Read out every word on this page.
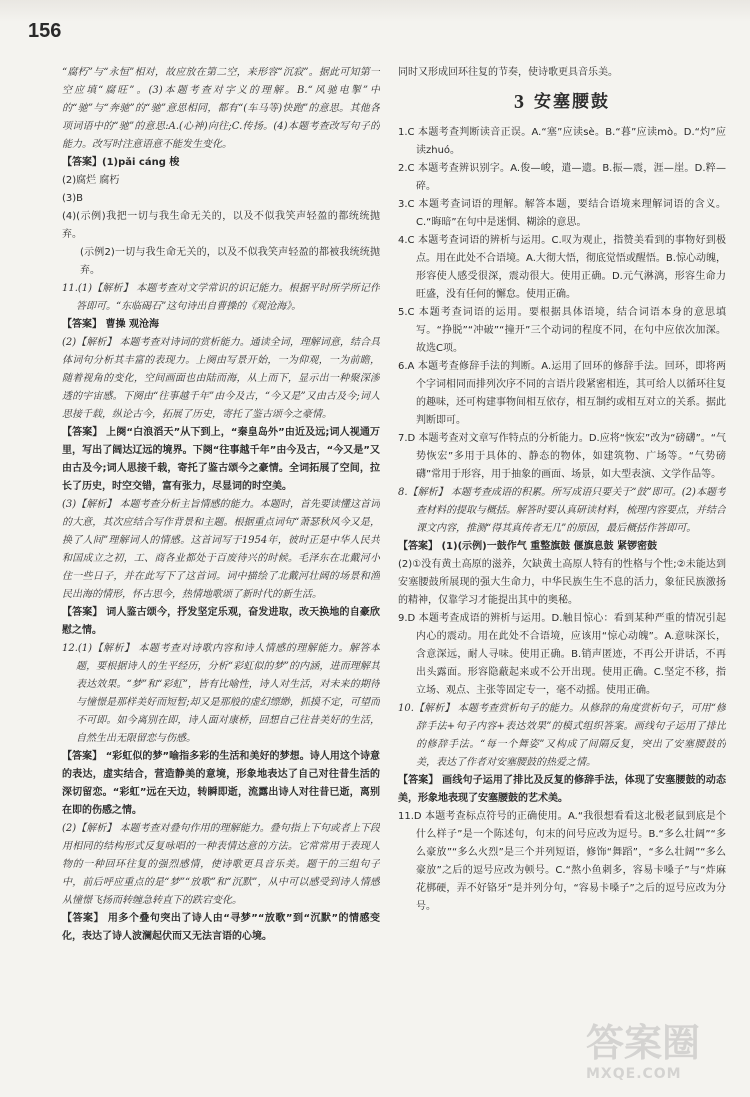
156

“腐朽”与“永恒”相对，故应放在第二空，来形容“沉寂”。据此可知第一空应填“腐旺”。(3)本题考查对字义的理解。B.“风驰电掣”中的“驰”与“奔驰”的“驰”意思相同，都有“(车马等)快跑”的意思。其他各项词语中的“驰”的意思:A.(心神)向往;C.传扬。(4)本题考查改写句子的能力。改写时注意语意不能发生变化。

【答案】(1)pǎi cáng 梭

(2)腐烂 腐朽

(3)B

(4)(示例)我把一切与我生命无关的，以及不似我笑声轻盈的都统统抛弃。

(示例2)一切与我生命无关的，以及不似我笑声轻盈的都被我统统抛弃。

11.(1)【解析】 本题考查对文学常识的识记能力。根据平时所学所记作答即可。“东临碣石”这句诗出自曹操的《观沧海》。

【答案】 曹操 观沧海

(2)【解析】 本题考查对诗词的赏析能力。通读全词，理解词意，结合具体词句分析其丰富的表现力。上阕由写景开始，一为仰观，一为前瞻，随着视角的变化，空间画面也由陆而海，从上而下，显示出一种聚深渗透的宇宙感。下阕由“往事越千年”由今及古，“今又是”又由古及今;词人思接千载，纵论古今，拓展了历史，寄托了鉴古颂今之豪情。

【答案】 上阕“白浪滔天”从下到上，“秦皇岛外”由近及远;词人视通万里，写出了阔达辽远的境界。下阕“往事越千年”由今及古，“今又是”又由古及今;词人思接千载，寄托了鉴古颂今之豪情。全词拓展了空间，拉长了历史，时空交错，富有张力，尽显词的时空美。

(3)【解析】 本题考查分析主旨情感的能力。本题时，首先要读懂这首词的大意，其次应结合写作背景和主题。根据重点词句“萧瑟秋风今又是，换了人间”理解词人的情感。这首词写于1954年，彼时正是中华人民共和国成立之初，工、商各业都处于百废待兴的时候。毛泽东在北戴河小住一些日子，并在此写下了这首词。词中描绘了北戴河壮阔的场景和渔民出海的情形，怀古思今，热情地歌颂了新时代的新生活。

【答案】 词人鉴古颂今，抒发坚定乐观，奋发进取，改天换地的自豪欣慰之情。

12.(1)【解析】 本题考查对诗歌内容和诗人情感的理解能力。解答本题，要根据诗人的生平经历，分析“彩虹似的梦”的内涵，进而理解其表达效果。“梦”和“彩虹”，皆有比喻性，诗人对生活，对未来的期待与憧憬是那样美好而短暂;却又是那般的虚幻缥缈，抓摸不定，可望而不可即。如今离别在即，诗人面对康桥，回想自己往昔美好的生活，自然生出无限留恋与伤感。

【答案】 “彩虹似的梦”喻指多彩的生活和美好的梦想。诗人用这个诗意的表达，虚实结合，营造静美的意境，形象地表达了自己对往昔生活的深切留恋。“彩虹”远在天边，转瞬即逝，流露出诗人对往昔已逝，离别在即的伤感之情。

(2)【解析】 本题考查对叠句作用的理解能力。叠句指上下句或者上下段用相同的结构形式反复咏唱的一种表情达意的方法。它常常用于表现人物的一种回环往复的强烈感情，使诗歌更具音乐美。题干的三组句子中，前后呼应重点的是“梦”“放歌”和“沉默”，从中可以感受到诗人情感从憧憬飞扬而转缠急转直下的跌宕变化。

【答案】 用多个叠句突出了诗人由“寻梦”“放歌”到“沉默”的情感变化，表达了诗人波澜起伏而又无法言语的心境。

同时又形成回环往复的节奏，使诗歌更具音乐美。

3 安塞腰鼓

1.C 本题考查判断读音正误。A.“塞”应读sè。B.“暮”应读mò。D.“灼”应读zhuó。

2.C 本题考查辨识别字。A.俊—峻，遣—遗。B.振—震，涯—崖。D.粹—碎。

3.C 本题考查词语的理解。解答本题，要结合语境来理解词语的含义。C.“晦暗”在句中是迷惘、糊涂的意思。

4.C 本题考查词语的辨析与运用。C.叹为观止，指赞美看到的事物好到极点。用在此处不合语境。A.大彻大悟，彻底觉悟或醒悟。B.惊心动魄，形容使人感受很深，震动很大。使用正确。D.元气淋漓，形容生命力旺盛，没有任何的懈怠。使用正确。

5.C 本题考查词语的运用。要根据具体语境，结合词语本身的意思填写。“挣脱”“冲破”“撞开”三个动词的程度不同，在句中应依次加深。故选C项。

6.A 本题考查修辞手法的判断。A.运用了回环的修辞手法。回环，即将两个字词相同而排列次序不同的言语片段紧密相连，其可给人以循环往复的趣味，还可构建事物间相互依存，相互制约或相互对立的关系。据此判断即可。

7.D 本题考查对文章写作特点的分析能力。D.应将“恢宏”改为“磅礴”。“气势恢宏”多用于具体的、静态的物体，如建筑物、广场等。“气势磅礴”常用于形容，用于抽象的画面、场景，如大型表演、文学作品等。

8.【解析】 本题考查成语的积累。所写成语只要关于“鼓”即可。(2)本题考查材料的提取与概括。解答时要认真研读材料，梳理内容要点，并结合课文内容，推测“得其真传者无几”的原因，最后概括作答即可。

【答案】 (1)(示例)一鼓作气 重整旗鼓 偃旗息鼓 紧锣密鼓

(2)①没有黄土高原的滋养，欠缺黄土高原人特有的性格与个性;②未能达到安塞腰鼓所展现的强大生命力，中华民族生生不息的活力，象征民族激扬的精神，仅靠学习才能提出其中的奥秘。

9.D 本题考查成语的辨析与运用。D.触目惊心：看到某种严重的情况引起内心的震动。用在此处不合语境，应该用“惊心动魄”。A.意味深长，含意深远，耐人寻味。使用正确。B.销声匿迹，不再公开讲话，不再出头露面。形容隐蔽起来或不公开出现。使用正确。C.坚定不移，指立场、观点、主张等固定专一，毫不动摇。使用正确。

10.【解析】 本题考查赏析句子的能力。从修辞的角度赏析句子，可用“修辞手法+句子内容+表达效果”的模式组织答案。画线句子运用了排比的修辞手法。“每一个舞姿”又构成了间隔反复，突出了安塞腰鼓的美，表达了作者对安塞腰鼓的热爱之情。

【答案】 画线句子运用了排比及反复的修辞手法，体现了安塞腰鼓的动态美，形象地表现了安塞腰鼓的艺术美。

11.D 本题考查标点符号的正确使用。A.“我很想看看这北极老鼠到底是个什么样子”是一个陈述句，句末的问号应改为逗号。B.“多么壮阔”“多么豪放”“多么火烈”是三个并列短语，修饰“舞蹈”，“多么壮阔”“多么豪放”之后的逗号应改为顿号。C.“熬小鱼刺多，容易卡嗓子”与“炸麻花梆硬，弄不好铬牙”是并列分句，“容易卡嗓子”之后的逗号应改为分号。

答案圈
MXQE.COM
